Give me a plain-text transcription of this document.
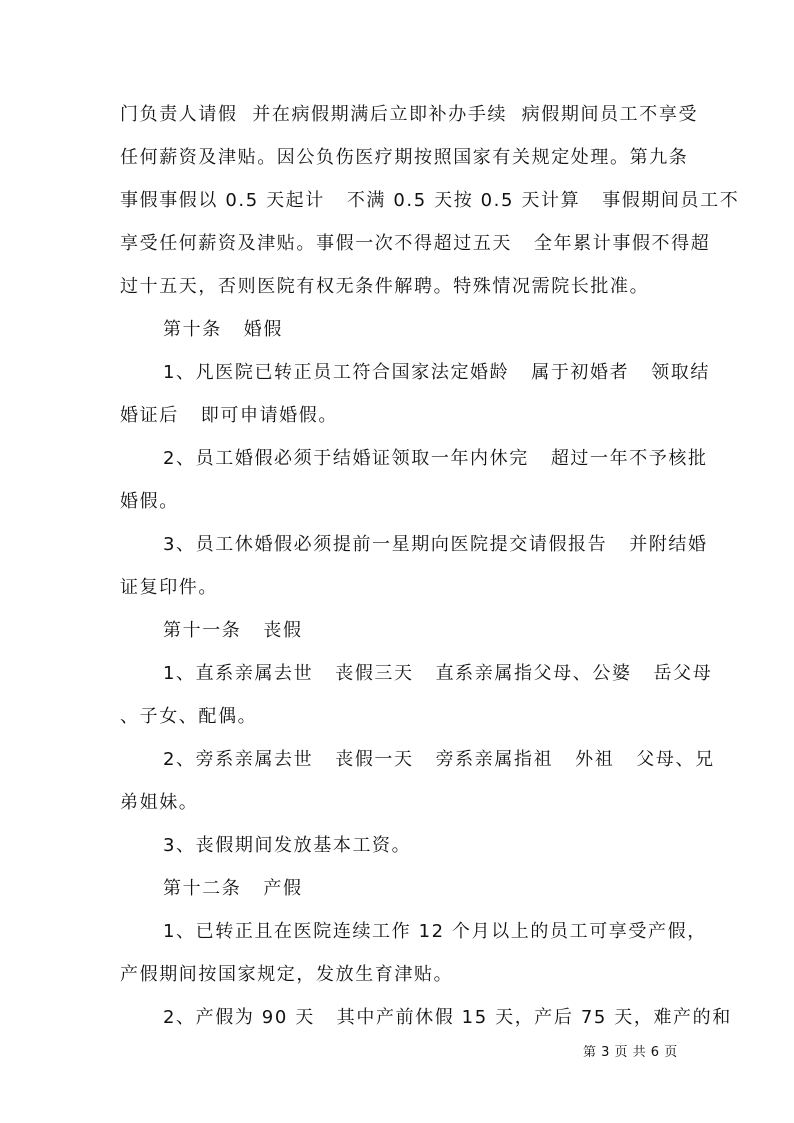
门负责人请假  并在病假期满后立即补办手续  病假期间员工不享受
任何薪资及津贴。因公负伤医疗期按照国家有关规定处理。第九条
事假事假以 0.5 天起计   不满 0.5 天按 0.5 天计算   事假期间员工不
享受任何薪资及津贴。事假一次不得超过五天   全年累计事假不得超
过十五天，否则医院有权无条件解聘。特殊情况需院长批准。
第十条   婚假
1、凡医院已转正员工符合国家法定婚龄   属于初婚者   领取结
婚证后   即可申请婚假。
2、员工婚假必须于结婚证领取一年内休完   超过一年不予核批
婚假。
3、员工休婚假必须提前一星期向医院提交请假报告   并附结婚
证复印件。
第十一条   丧假
1、直系亲属去世   丧假三天   直系亲属指父母、公婆   岳父母
、子女、配偶。
2、旁系亲属去世   丧假一天   旁系亲属指祖   外祖   父母、兄
弟姐妹。
3、丧假期间发放基本工资。
第十二条   产假
1、已转正且在医院连续工作 12 个月以上的员工可享受产假，
产假期间按国家规定，发放生育津贴。
2、产假为 90 天   其中产前休假 15 天，产后 75 天，难产的和
第 3 页 共 6 页
